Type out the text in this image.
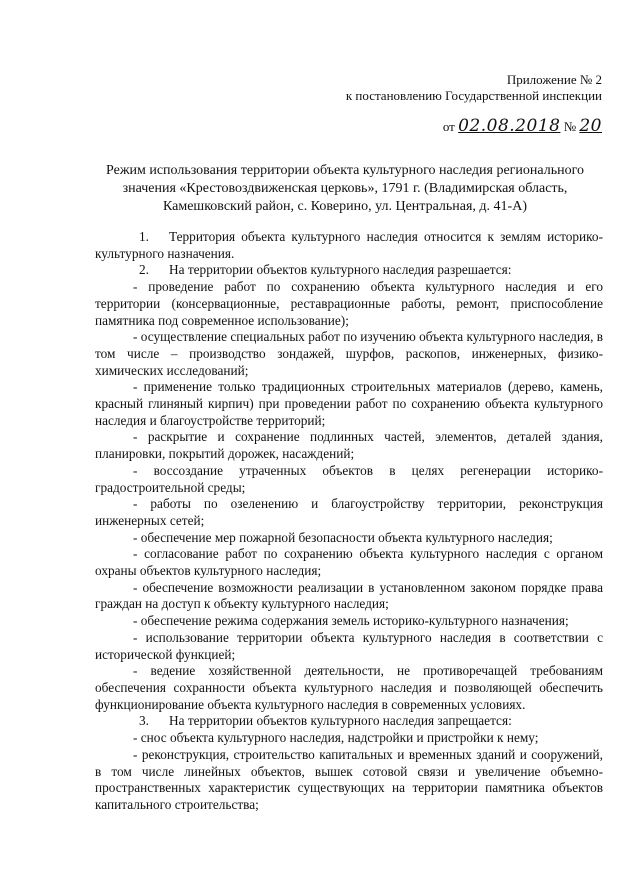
Приложение № 2
к постановлению Государственной инспекции
от 02.08.2018 № 20
Режим использования территории объекта культурного наследия регионального значения «Крестовоздвиженская церковь», 1791 г. (Владимирская область, Камешковский район, с. Коверино, ул. Центральная, д. 41-А)

1. Территория объекта культурного наследия относится к землям историко-культурного назначения.

2. На территории объектов культурного наследия разрешается:

- проведение работ по сохранению объекта культурного наследия и его территории (консервационные, реставрационные работы, ремонт, приспособление памятника под современное использование);

- осуществление специальных работ по изучению объекта культурного наследия, в том числе – производство зондажей, шурфов, раскопов, инженерных, физико-химических исследований;

- применение только традиционных строительных материалов (дерево, камень, красный глиняный кирпич) при проведении работ по сохранению объекта культурного наследия и благоустройстве территорий;

- раскрытие и сохранение подлинных частей, элементов, деталей здания, планировки, покрытий дорожек, насаждений;

- воссоздание утраченных объектов в целях регенерации историко-градостроительной среды;

- работы по озеленению и благоустройству территории, реконструкция инженерных сетей;

- обеспечение мер пожарной безопасности объекта культурного наследия;

- согласование работ по сохранению объекта культурного наследия с органом охраны объектов культурного наследия;

- обеспечение возможности реализации в установленном законом порядке права граждан на доступ к объекту культурного наследия;

- обеспечение режима содержания земель историко-культурного назначения;

- использование территории объекта культурного наследия в соответствии с исторической функцией;

- ведение хозяйственной деятельности, не противоречащей требованиям обеспечения сохранности объекта культурного наследия и позволяющей обеспечить функционирование объекта культурного наследия в современных условиях.

3. На территории объектов культурного наследия запрещается:

- снос объекта культурного наследия, надстройки и пристройки к нему;

- реконструкция, строительство капитальных и временных зданий и сооружений, в том числе линейных объектов, вышек сотовой связи и увеличение объемно-пространственных характеристик существующих на территории памятника объектов капитального строительства;
